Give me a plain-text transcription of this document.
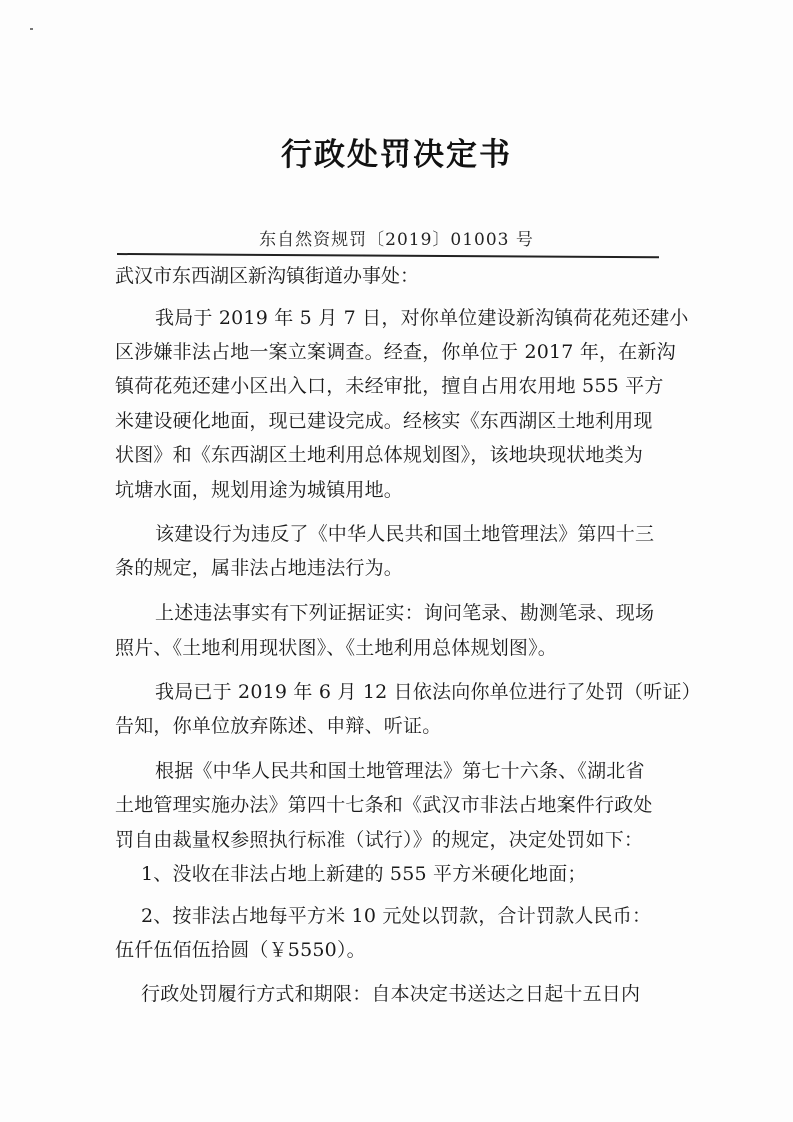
行政处罚决定书
东自然资规罚〔2019〕01003 号
武汉市东西湖区新沟镇街道办事处：
我局于 2019 年 5 月 7 日，对你单位建设新沟镇荷花苑还建小
区涉嫌非法占地一案立案调查。经查，你单位于 2017 年，在新沟
镇荷花苑还建小区出入口，未经审批，擅自占用农用地 555 平方
米建设硬化地面，现已建设完成。经核实《东西湖区土地利用现
状图》和《东西湖区土地利用总体规划图》，该地块现状地类为
坑塘水面，规划用途为城镇用地。
该建设行为违反了《中华人民共和国土地管理法》第四十三
条的规定，属非法占地违法行为。
上述违法事实有下列证据证实：询问笔录、勘测笔录、现场
照片、《土地利用现状图》、《土地利用总体规划图》。
我局已于 2019 年 6 月 12 日依法向你单位进行了处罚（听证）
告知，你单位放弃陈述、申辩、听证。
根据《中华人民共和国土地管理法》第七十六条、《湖北省
土地管理实施办法》第四十七条和《武汉市非法占地案件行政处
罚自由裁量权参照执行标准（试行）》的规定，决定处罚如下：
1、没收在非法占地上新建的 555 平方米硬化地面；
2、按非法占地每平方米 10 元处以罚款，合计罚款人民币：
伍仟伍佰伍拾圆（￥5550）。
行政处罚履行方式和期限：自本决定书送达之日起十五日内
